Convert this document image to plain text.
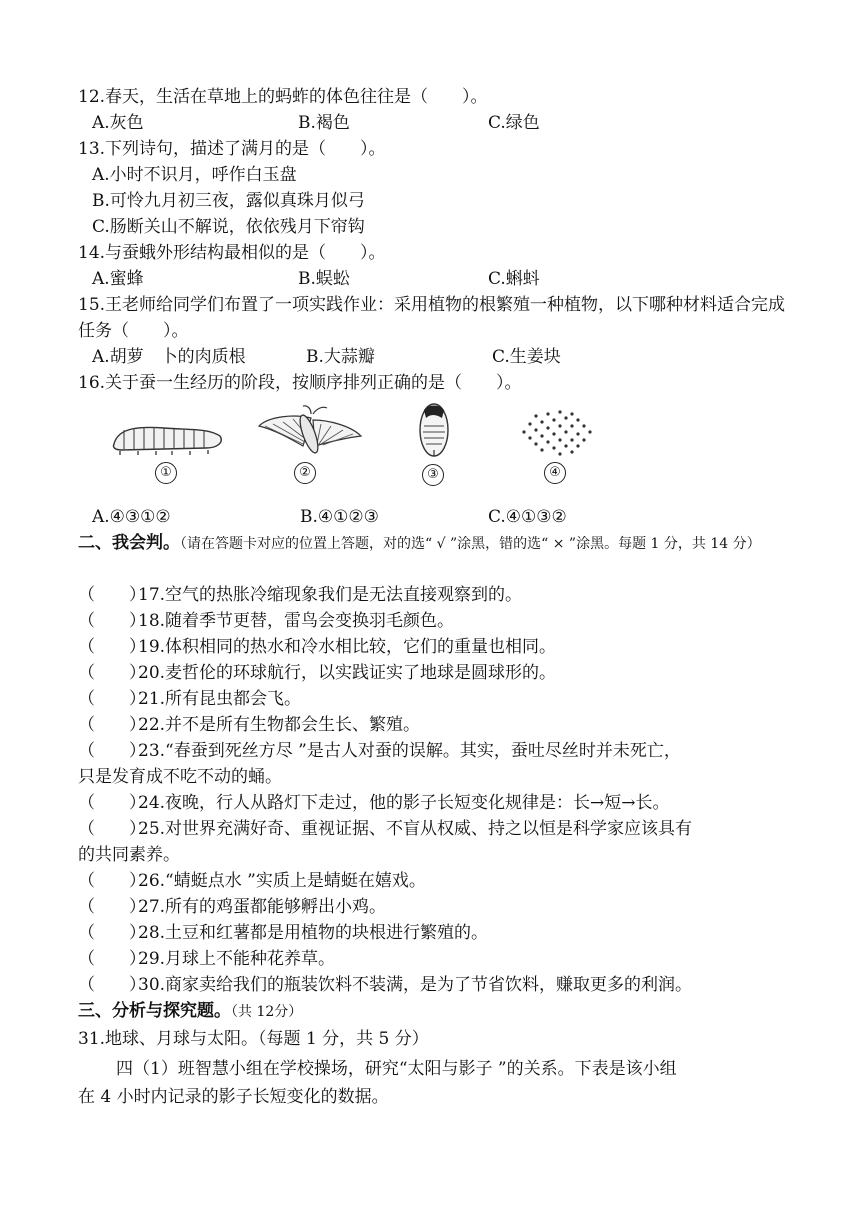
12.春天，生活在草地上的蚂蚱的体色往往是（　　）。
A.灰色	B.褐色	C.绿色
13.下列诗句，描述了满月的是（　　）。
A.小时不识月，呼作白玉盘
B.可怜九月初三夜，露似真珠月似弓
C.肠断关山不解说，依依残月下帘钩
14.与蚕蛾外形结构最相似的是（　　）。
A.蜜蜂	B.蜈蚣	C.蝌蚪
15.王老师给同学们布置了一项实践作业：采用植物的根繁殖一种植物，以下哪种材料适合完成任务（　　）。
A.胡萝　卜的肉质根	B.大蒜瓣	C.生姜块
16.关于蚕一生经历的阶段，按顺序排列正确的是（　　）。
①	②	③	④
A.④③①②	B.④①②③	C.④①③②
二、我会判。（请在答题卡对应的位置上答题，对的选“ √ ”涂黑，错的选“ × ”涂黑。每题 1 分，共 14 分）
（　　）17.空气的热胀冷缩现象我们是无法直接观察到的。
（　　）18.随着季节更替，雷鸟会变换羽毛颜色。
（　　）19.体积相同的热水和冷水相比较，它们的重量也相同。
（　　）20.麦哲伦的环球航行，以实践证实了地球是圆球形的。
（　　）21.所有昆虫都会飞。
（　　）22.并不是所有生物都会生长、繁殖。
（　　）23.“春蚕到死丝方尽 ”是古人对蚕的误解。其实，蚕吐尽丝时并未死亡，
只是发育成不吃不动的蛹。
（　　）24.夜晚，行人从路灯下走过，他的影子长短变化规律是：长→短→长。
（　　）25.对世界充满好奇、重视证据、不盲从权威、持之以恒是科学家应该具有
的共同素养。
（　　）26.“蜻蜓点水 ”实质上是蜻蜓在嬉戏。
（　　）27.所有的鸡蛋都能够孵出小鸡。
（　　）28.土豆和红薯都是用植物的块根进行繁殖的。
（　　）29.月球上不能种花养草。
（　　）30.商家卖给我们的瓶装饮料不装满，是为了节省饮料，赚取更多的利润。
三、分析与探究题。（共 12分）
31.地球、月球与太阳。（每题 1 分，共 5 分）
四（1）班智慧小组在学校操场，研究“太阳与影子 ”的关系。下表是该小组
在 4 小时内记录的影子长短变化的数据。
